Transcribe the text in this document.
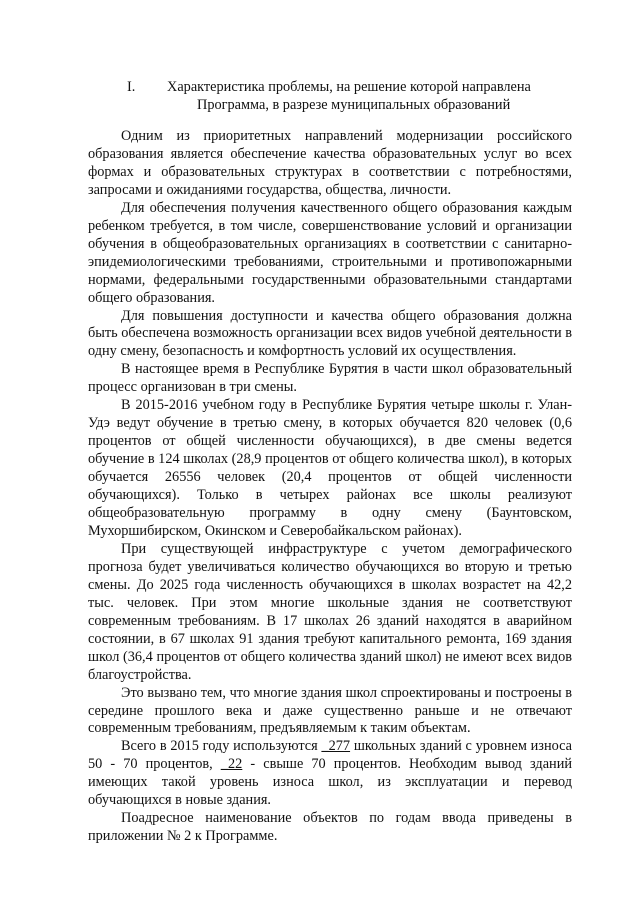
I. Характеристика проблемы, на решение которой направлена
Программа, в разрезе муниципальных образований

Одним из приоритетных направлений модернизации российского образования является обеспечение качества образовательных услуг во всех формах и образовательных структурах в соответствии с потребностями, запросами и ожиданиями государства, общества, личности.

Для обеспечения получения качественного общего образования каждым ребенком требуется, в том числе, совершенствование условий и организации обучения в общеобразовательных организациях в соответствии с санитарно-эпидемиологическими требованиями, строительными и противопожарными нормами, федеральными государственными образовательными стандартами общего образования.

Для повышения доступности и качества общего образования должна быть обеспечена возможность организации всех видов учебной деятельности в одну смену, безопасность и комфортность условий их осуществления.

В настоящее время в Республике Бурятия в части школ образовательный процесс организован в три смены.

В 2015-2016 учебном году в Республике Бурятия четыре школы г. Улан-Удэ ведут обучение в третью смену, в которых обучается 820 человек (0,6 процентов от общей численности обучающихся), в две смены ведется обучение в 124 школах (28,9 процентов от общего количества школ), в которых обучается 26556 человек (20,4 процентов от общей численности обучающихся). Только в четырех районах все школы реализуют общеобразовательную программу в одну смену (Баунтовском, Мухоршибирском, Окинском и Северобайкальском районах).

При существующей инфраструктуре с учетом демографического прогноза будет увеличиваться количество обучающихся во вторую и третью смены. До 2025 года численность обучающихся в школах возрастет на 42,2 тыс. человек. При этом многие школьные здания не соответствуют современным требованиям. В 17 школах 26 зданий находятся в аварийном состоянии, в 67 школах 91 здания требуют капитального ремонта, 169 здания школ (36,4 процентов от общего количества зданий школ) не имеют всех видов благоустройства.

Это вызвано тем, что многие здания школ спроектированы и построены в середине прошлого века и даже существенно раньше и не отвечают современным требованиям, предъявляемым к таким объектам.

Всего в 2015 году используются _277 школьных зданий с уровнем износа 50 - 70 процентов, _22 - свыше 70 процентов. Необходим вывод зданий имеющих такой уровень износа школ, из эксплуатации и перевод обучающихся в новые здания.

Поадресное наименование объектов по годам ввода приведены в приложении № 2 к Программе.
